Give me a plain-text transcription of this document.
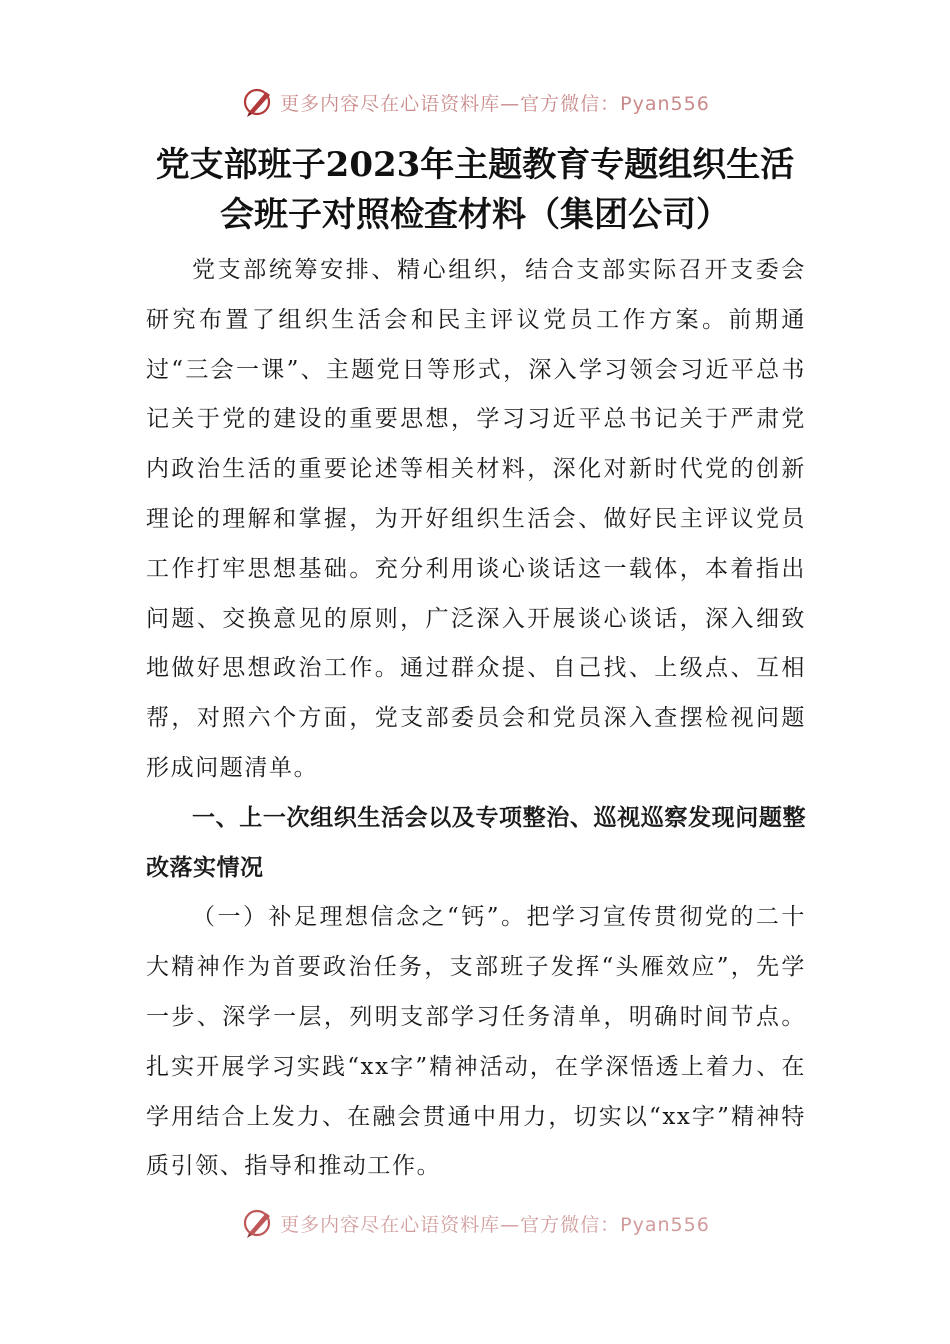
更多内容尽在心语资料库—官方微信：Pyan556
党支部班子2023年主题教育专题组织生活
会班子对照检查材料（集团公司）

党支部统筹安排、精心组织，结合支部实际召开支委会研究布置了组织生活会和民主评议党员工作方案。前期通过“三会一课”、主题党日等形式，深入学习领会习近平总书记关于党的建设的重要思想，学习习近平总书记关于严肃党内政治生活的重要论述等相关材料，深化对新时代党的创新理论的理解和掌握，为开好组织生活会、做好民主评议党员工作打牢思想基础。充分利用谈心谈话这一载体，本着指出问题、交换意见的原则，广泛深入开展谈心谈话，深入细致地做好思想政治工作。通过群众提、自己找、上级点、互相帮，对照六个方面，党支部委员会和党员深入查摆检视问题形成问题清单。

一、上一次组织生活会以及专项整治、巡视巡察发现问题整改落实情况

（一）补足理想信念之“钙”。把学习宣传贯彻党的二十大精神作为首要政治任务，支部班子发挥“头雁效应”，先学一步、深学一层，列明支部学习任务清单，明确时间节点。扎实开展学习实践“xx字”精神活动，在学深悟透上着力、在学用结合上发力、在融会贯通中用力，切实以“xx字”精神特质引领、指导和推动工作。

更多内容尽在心语资料库—官方微信：Pyan556
